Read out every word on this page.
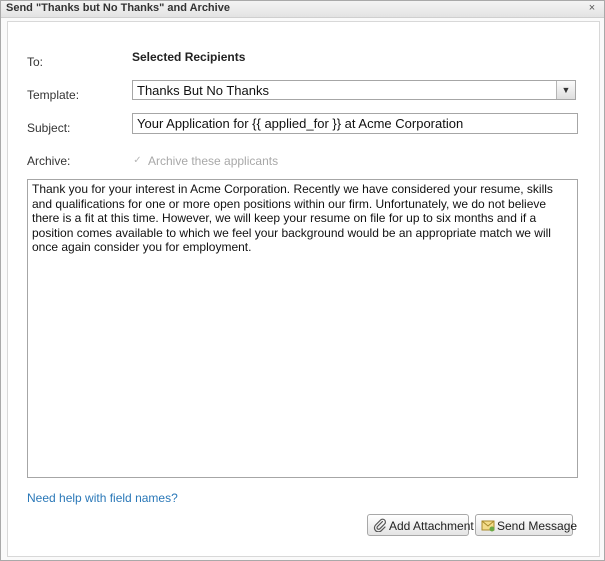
Send "Thanks but No Thanks" and Archive	×
To:	Selected Recipients
Template:	Thanks But No Thanks	▼
Subject:
Your Application for {{ applied_for }} at Acme Corporation
Archive:	✓ Archive these applicants
Thank you for your interest in Acme Corporation. Recently we have considered your resume, skills and qualifications for one or more open positions within our firm. Unfortunately, we do not believe there is a fit at this time. However, we will keep your resume on file for up to six months and if a position comes available to which we feel your background would be an appropriate match we will once again consider you for employment.
Need help with field names?
Add Attachment Send Message
